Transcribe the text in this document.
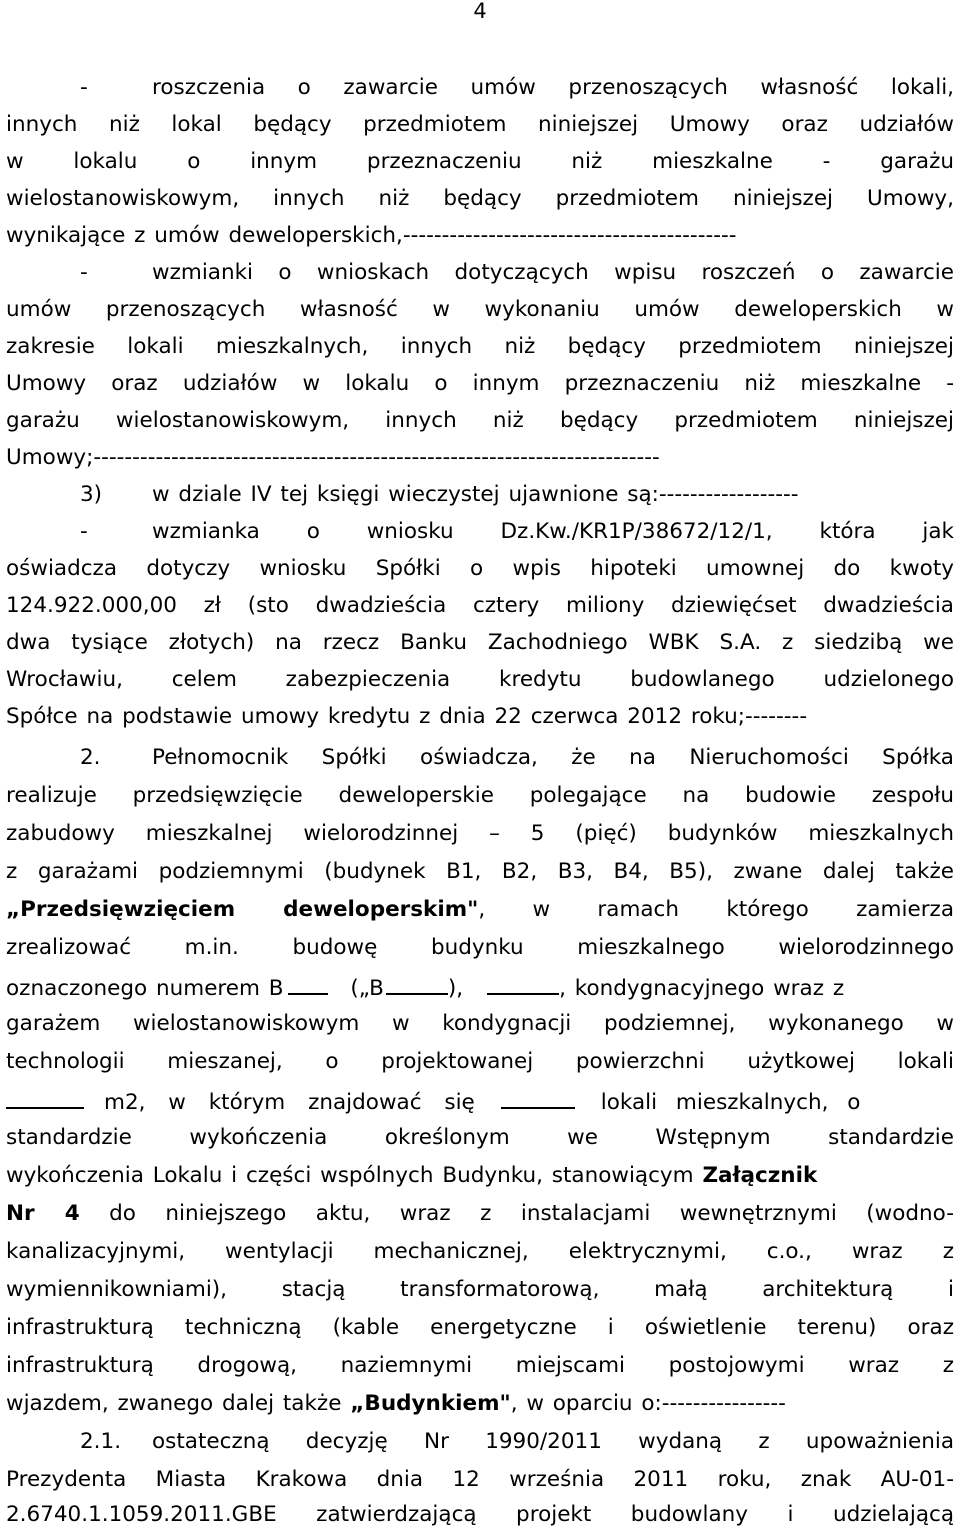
4
-	roszczenia o zawarcie umów przenoszących własność lokali,
innych niż lokal będący przedmiotem niniejszej Umowy oraz udziałów
w lokalu o innym przeznaczeniu niż mieszkalne - garażu
wielostanowiskowym, innych niż będący przedmiotem niniejszej Umowy,
wynikające z umów deweloperskich,-------------------------------------------
-	wzmianki o wnioskach dotyczących wpisu roszczeń o zawarcie
umów przenoszących własność w wykonaniu umów deweloperskich w
zakresie lokali mieszkalnych, innych niż będący przedmiotem niniejszej
Umowy oraz udziałów w lokalu o innym przeznaczeniu niż mieszkalne -
garażu wielostanowiskowym, innych niż będący przedmiotem niniejszej
Umowy;-------------------------------------------------------------------------
3) w dziale IV tej księgi wieczystej ujawnione są:------------------
-	wzmianka o wniosku Dz.Kw./KR1P/38672/12/1, która jak
oświadcza dotyczy wniosku Spółki o wpis hipoteki umownej do kwoty
124.922.000,00 zł (sto dwadzieścia cztery miliony dziewięćset dwadzieścia
dwa tysiące złotych) na rzecz Banku Zachodniego WBK S.A. z siedzibą we
Wrocławiu, celem zabezpieczenia kredytu budowlanego udzielonego
Spółce na podstawie umowy kredytu z dnia 22 czerwca 2012 roku;--------
2. Pełnomocnik Spółki oświadcza, że na Nieruchomości Spółka
realizuje przedsięwzięcie deweloperskie polegające na budowie zespołu
zabudowy mieszkalnej wielorodzinnej – 5 (pięć) budynków mieszkalnych
z garażami podziemnymi (budynek B1, B2, B3, B4, B5), zwane dalej także
„Przedsięwzięciem deweloperskim", w ramach którego zamierza
zrealizować m.in. budowę budynku mieszkalnego wielorodzinnego
oznaczonego numerem B	(„B	),	, kondygnacyjnego wraz z
garażem wielostanowiskowym w kondygnacji podziemnej, wykonanego w
technologii mieszanej, o projektowanej powierzchni użytkowej lokali
m2, w którym znajdować się	lokali mieszkalnych, o
standardzie wykończenia określonym we Wstępnym standardzie
wykończenia Lokalu i części wspólnych Budynku, stanowiącym Załącznik
Nr 4 do niniejszego aktu, wraz z instalacjami wewnętrznymi (wodno-
kanalizacyjnymi, wentylacji mechanicznej, elektrycznymi, c.o., wraz z
wymiennikowniami), stacją transformatorową, małą architekturą i
infrastrukturą techniczną (kable energetyczne i oświetlenie terenu) oraz
infrastrukturą drogową, naziemnymi miejscami postojowymi wraz z
wjazdem, zwanego dalej także „Budynkiem", w oparciu o:----------------
2.1. ostateczną decyzję Nr 1990/2011 wydaną z upoważnienia
Prezydenta Miasta Krakowa dnia 12 września 2011 roku, znak AU-01-
2.6740.1.1059.2011.GBE zatwierdzającą projekt budowlany i udzielającą
